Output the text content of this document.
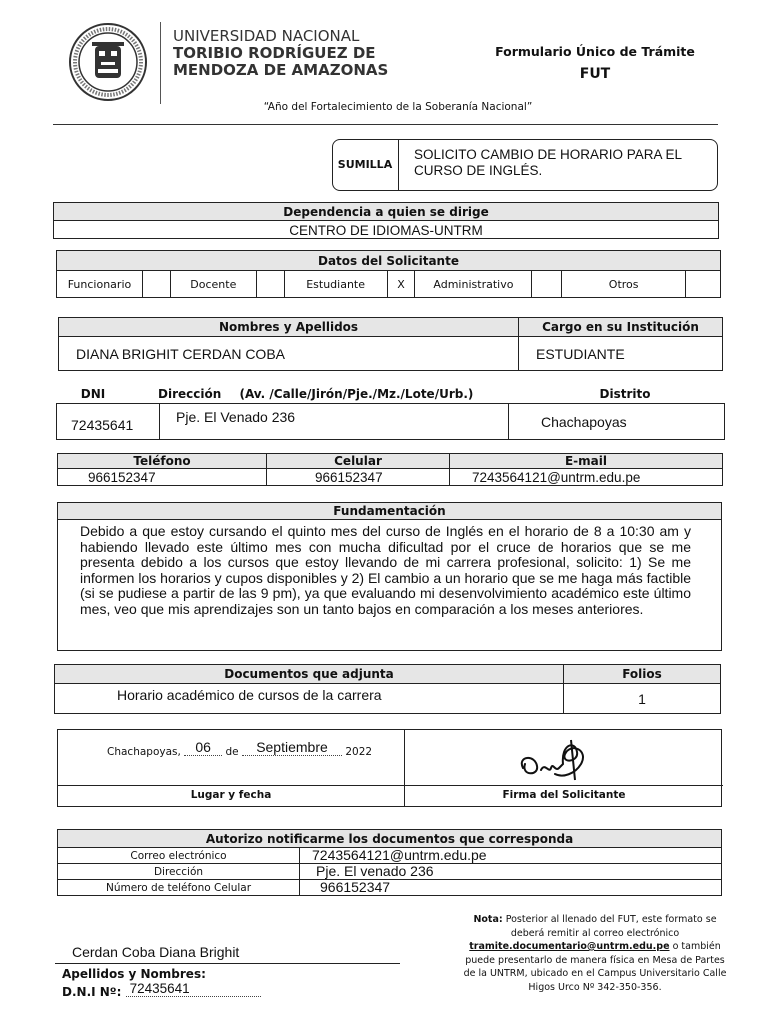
UNIVERSIDAD NACIONAL
TORIBIO RODRÍGUEZ DE
MENDOZA DE AMAZONAS
Formulario Único de Trámite
FUT
“Año del Fortalecimiento de la Soberanía Nacional”
SUMILLA
SOLICITO CAMBIO DE HORARIO PARA EL CURSO DE INGLÉS.
Dependencia a quien se dirige
CENTRO DE IDIOMAS-UNTRM
Datos del Solicitante
Funcionario		Docente		Estudiante	X	Administrativo		Otros	
Nombres y Apellidos	Cargo en su Institución
DIANA BRIGHIT CERDAN COBA	ESTUDIANTE
DNI	Dirección (Av. /Calle/Jirón/Pje./Mz./Lote/Urb.)	Distrito
72435641	Pje. El Venado 236	Chachapoyas
Teléfono	Celular	E-mail
966152347	966152347	7243564121@untrm.edu.pe
Fundamentación
Debido a que estoy cursando el quinto mes del curso de Inglés en el horario de 8 a 10:30 am y habiendo llevado este último mes con mucha dificultad por el cruce de horarios que se me presenta debido a los cursos que estoy llevando de mi carrera profesional, solicito: 1) Se me informen los horarios y cupos disponibles y 2) El cambio a un horario que se me haga más factible (si se pudiese a partir de las 9 pm), ya que evaluando mi desenvolvimiento académico este último mes, veo que mis aprendizajes son un tanto bajos en comparación a los meses anteriores.
Documentos que adjunta	Folios
Horario académico de cursos de la carrera	1
Chachapoyas, 06 de Septiembre 2022
Lugar y fecha	Firma del Solicitante
Autorizo notificarme los documentos que corresponda	
Correo electrónico	7243564121@untrm.edu.pe
Dirección	Pje. El venado 236
Número de teléfono Celular	966152347
Cerdan Coba Diana Brighit
Apellidos y Nombres:
D.N.I Nº: 72435641
Nota: Posterior al llenado del FUT, este formato se deberá remitir al correo electrónico tramite.documentario@untrm.edu.pe o también puede presentarlo de manera física en Mesa de Partes de la UNTRM, ubicado en el Campus Universitario Calle Higos Urco Nº 342-350-356.
